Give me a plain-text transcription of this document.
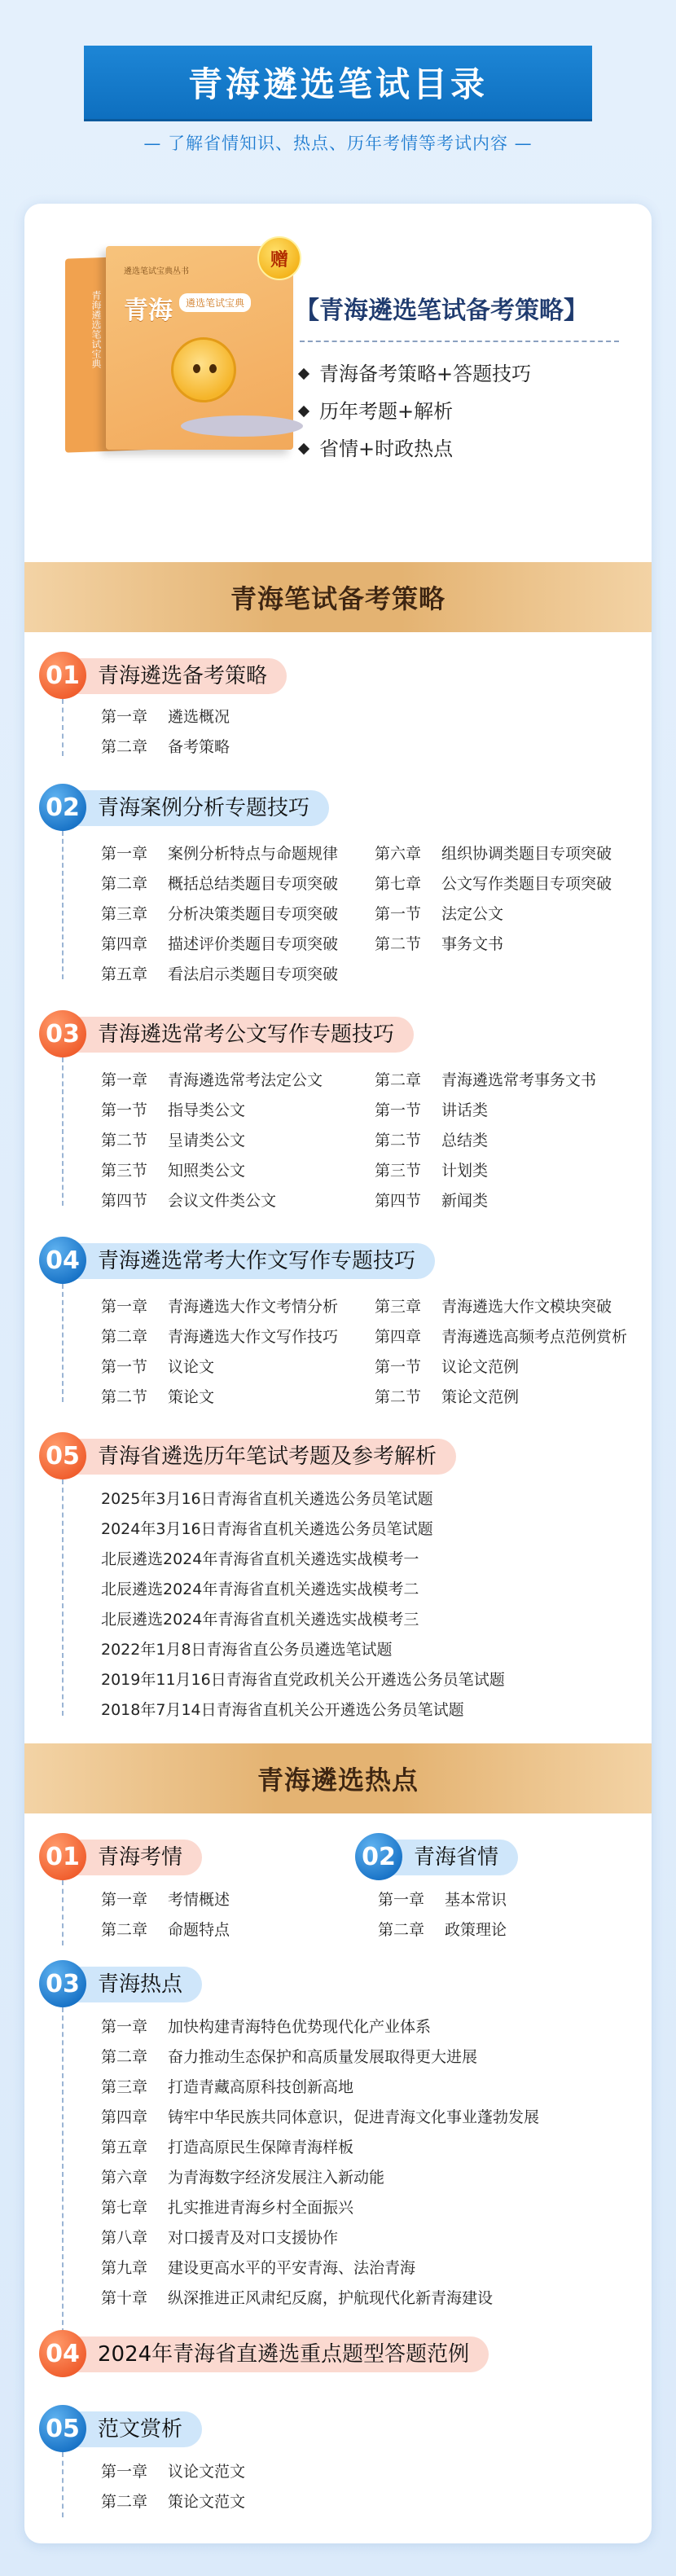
青海遴选笔试目录
— 了解省情知识、热点、历年考情等考试内容 —
青海遴选笔试宝典
遴选笔试宝典丛书
青海	遴选笔试宝典
赠
【青海遴选笔试备考策略】
青海备考策略+答题技巧
历年考题+解析
省情+时政热点
青海笔试备考策略
青海遴选备考策略
01
第一章 遴选概况
第二章 备考策略
青海案例分析专题技巧
02
第一章 案例分析特点与命题规律
第二章 概括总结类题目专项突破
第三章 分析决策类题目专项突破
第四章 描述评价类题目专项突破
第五章 看法启示类题目专项突破
第六章 组织协调类题目专项突破
第七章 公文写作类题目专项突破
第一节 法定公文
第二节 事务文书
青海遴选常考公文写作专题技巧
03
第一章 青海遴选常考法定公文
第一节 指导类公文
第二节 呈请类公文
第三节 知照类公文
第四节 会议文件类公文
第二章 青海遴选常考事务文书
第一节 讲话类
第二节 总结类
第三节 计划类
第四节 新闻类
青海遴选常考大作文写作专题技巧
04
第一章 青海遴选大作文考情分析
第二章 青海遴选大作文写作技巧
第一节 议论文
第二节 策论文
第三章 青海遴选大作文模块突破
第四章 青海遴选高频考点范例赏析
第一节 议论文范例
第二节 策论文范例
青海省遴选历年笔试考题及参考解析
05
2025年3月16日青海省直机关遴选公务员笔试题
2024年3月16日青海省直机关遴选公务员笔试题
北辰遴选2024年青海省直机关遴选实战模考一
北辰遴选2024年青海省直机关遴选实战模考二
北辰遴选2024年青海省直机关遴选实战模考三
2022年1月8日青海省直公务员遴选笔试题
2019年11月16日青海省直党政机关公开遴选公务员笔试题
2018年7月14日青海省直机关公开遴选公务员笔试题
青海遴选热点
青海考情
01
第一章 考情概述
第二章 命题特点
青海省情
02
第一章 基本常识
第二章 政策理论
青海热点
03
第一章 加快构建青海特色优势现代化产业体系
第二章 奋力推动生态保护和高质量发展取得更大进展
第三章 打造青藏高原科技创新高地
第四章 铸牢中华民族共同体意识，促进青海文化事业蓬勃发展
第五章 打造高原民生保障青海样板
第六章 为青海数字经济发展注入新动能
第七章 扎实推进青海乡村全面振兴
第八章 对口援青及对口支援协作
第九章 建设更高水平的平安青海、法治青海
第十章 纵深推进正风肃纪反腐，护航现代化新青海建设
2024年青海省直遴选重点题型答题范例
04
范文赏析
05
第一章 议论文范文
第二章 策论文范文
